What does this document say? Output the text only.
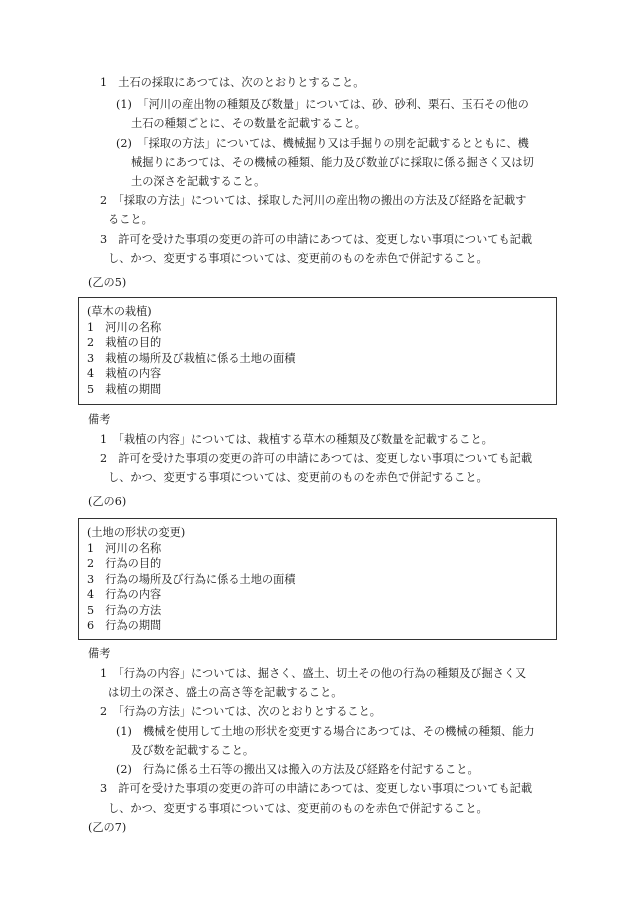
1　土石の採取にあつては、次のとおりとすること。

(1)　「河川の産出物の種類及び数量」については、砂、砂利、栗石、玉石その他の

土石の種類ごとに、その数量を記載すること。

(2)　「採取の方法」については、機械掘り又は手掘りの別を記載するとともに、機

械掘りにあつては、その機械の種類、能力及び数並びに採取に係る掘さく又は切

土の深さを記載すること。

2　「採取の方法」については、採取した河川の産出物の搬出の方法及び経路を記載す

ること。

3　許可を受けた事項の変更の許可の申請にあつては、変更しない事項についても記載

し、かつ、変更する事項については、変更前のものを赤色で併記すること。

(乙の5)

(草木の栽植)

1　河川の名称

2　栽植の目的

3　栽植の場所及び栽植に係る土地の面積

4　栽植の内容

5　栽植の期間

備考

1　「栽植の内容」については、栽植する草木の種類及び数量を記載すること。

2　許可を受けた事項の変更の許可の申請にあつては、変更しない事項についても記載

し、かつ、変更する事項については、変更前のものを赤色で併記すること。

(乙の6)

(土地の形状の変更)

1　河川の名称

2　行為の目的

3　行為の場所及び行為に係る土地の面積

4　行為の内容

5　行為の方法

6　行為の期間

備考

1　「行為の内容」については、掘さく、盛土、切土その他の行為の種類及び掘さく又

は切土の深さ、盛土の高さ等を記載すること。

2　「行為の方法」については、次のとおりとすること。

(1)　機械を使用して土地の形状を変更する場合にあつては、その機械の種類、能力

及び数を記載すること。

(2)　行為に係る土石等の搬出又は搬入の方法及び経路を付記すること。

3　許可を受けた事項の変更の許可の申請にあつては、変更しない事項についても記載

し、かつ、変更する事項については、変更前のものを赤色で併記すること。

(乙の7)
